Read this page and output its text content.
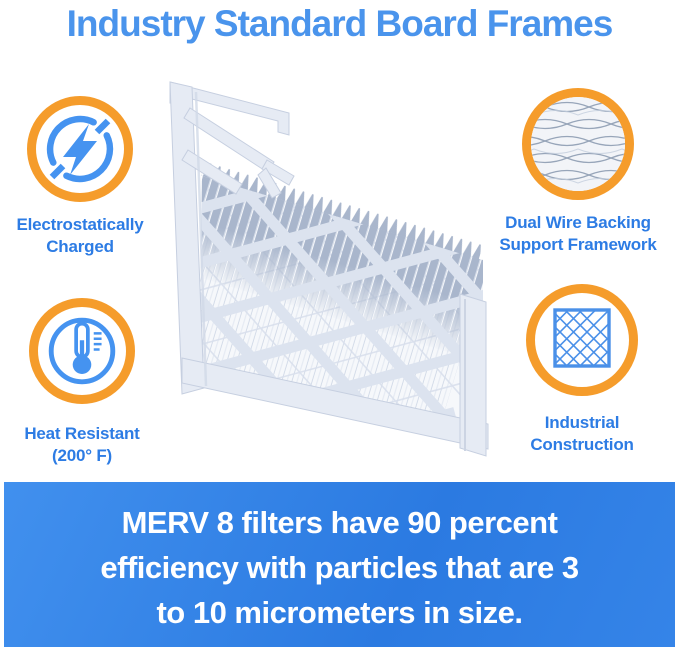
Industry Standard Board Frames
Electrostatically
Charged
Dual Wire Backing
Support Framework
Heat Resistant
(200° F)
Industrial
Construction
MERV 8 filters have 90 percent
efficiency with particles that are 3
to 10 micrometers in size.
